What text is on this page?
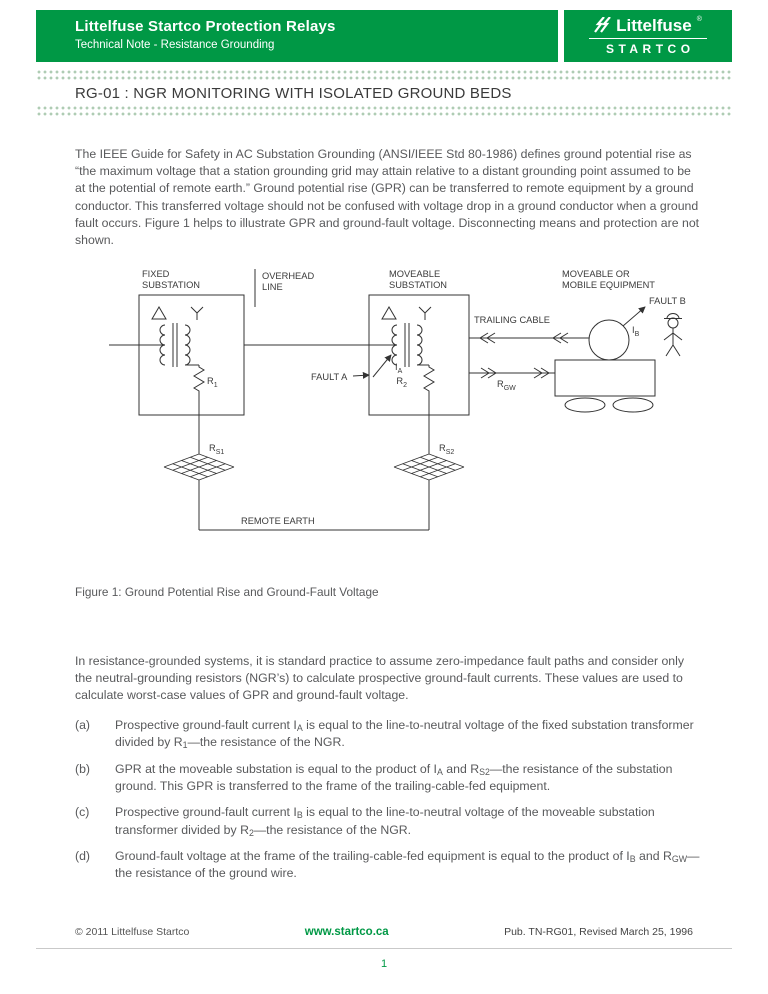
Littelfuse Startco Protection Relays
Technical Note - Resistance Grounding
Littelfuse ®
STARTCO
RG-01 : NGR MONITORING WITH ISOLATED GROUND BEDS

The IEEE Guide for Safety in AC Substation Grounding (ANSI/IEEE Std 80-1986) defines ground potential rise as “the maximum voltage that a station grounding grid may attain relative to a distant grounding point assumed to be at the potential of remote earth.” Ground potential rise (GPR) can be transferred to remote equipment by a ground conductor. This transferred voltage should not be confused with voltage drop in a ground conductor when a ground fault occurs. Figure 1 helps to illustrate GPR and ground-fault voltage. Disconnecting means and protection are not shown.

FIXED
SUBSTATION
OVERHEAD
LINE
MOVEABLE
SUBSTATION
MOVEABLE OR
MOBILE EQUIPMENT
TRAILING CABLE
FAULT A
FAULT B
REMOTE EARTH
$R_1$	$R_2$
$I_A$
$I_B$
$R_{GW}$
$R_{S1}$	$R_{S2}$
Figure 1: Ground Potential Rise and Ground-Fault Voltage

In resistance-grounded systems, it is standard practice to assume zero-impedance fault paths and consider only the neutral-grounding resistors (NGR’s) to calculate prospective ground-fault currents. These values are used to calculate worst-case values of GPR and ground-fault voltage.

(a)	Prospective ground-fault current IA is equal to the line-to-neutral voltage of the fixed substation transformer divided by R1—the resistance of the NGR.
(b)	GPR at the moveable substation is equal to the product of IA and RS2—the resistance of the substation ground. This GPR is transferred to the frame of the trailing-cable-fed equipment.
(c)	Prospective ground-fault current IB is equal to the line-to-neutral voltage of the moveable substation transformer divided by R2—the resistance of the NGR.
(d)	Ground-fault voltage at the frame of the trailing-cable-fed equipment is equal to the product of IB and RGW—the resistance of the ground wire.
© 2011 Littelfuse Startco	www.startco.ca	Pub. TN-RG01, Revised March 25, 1996
1
